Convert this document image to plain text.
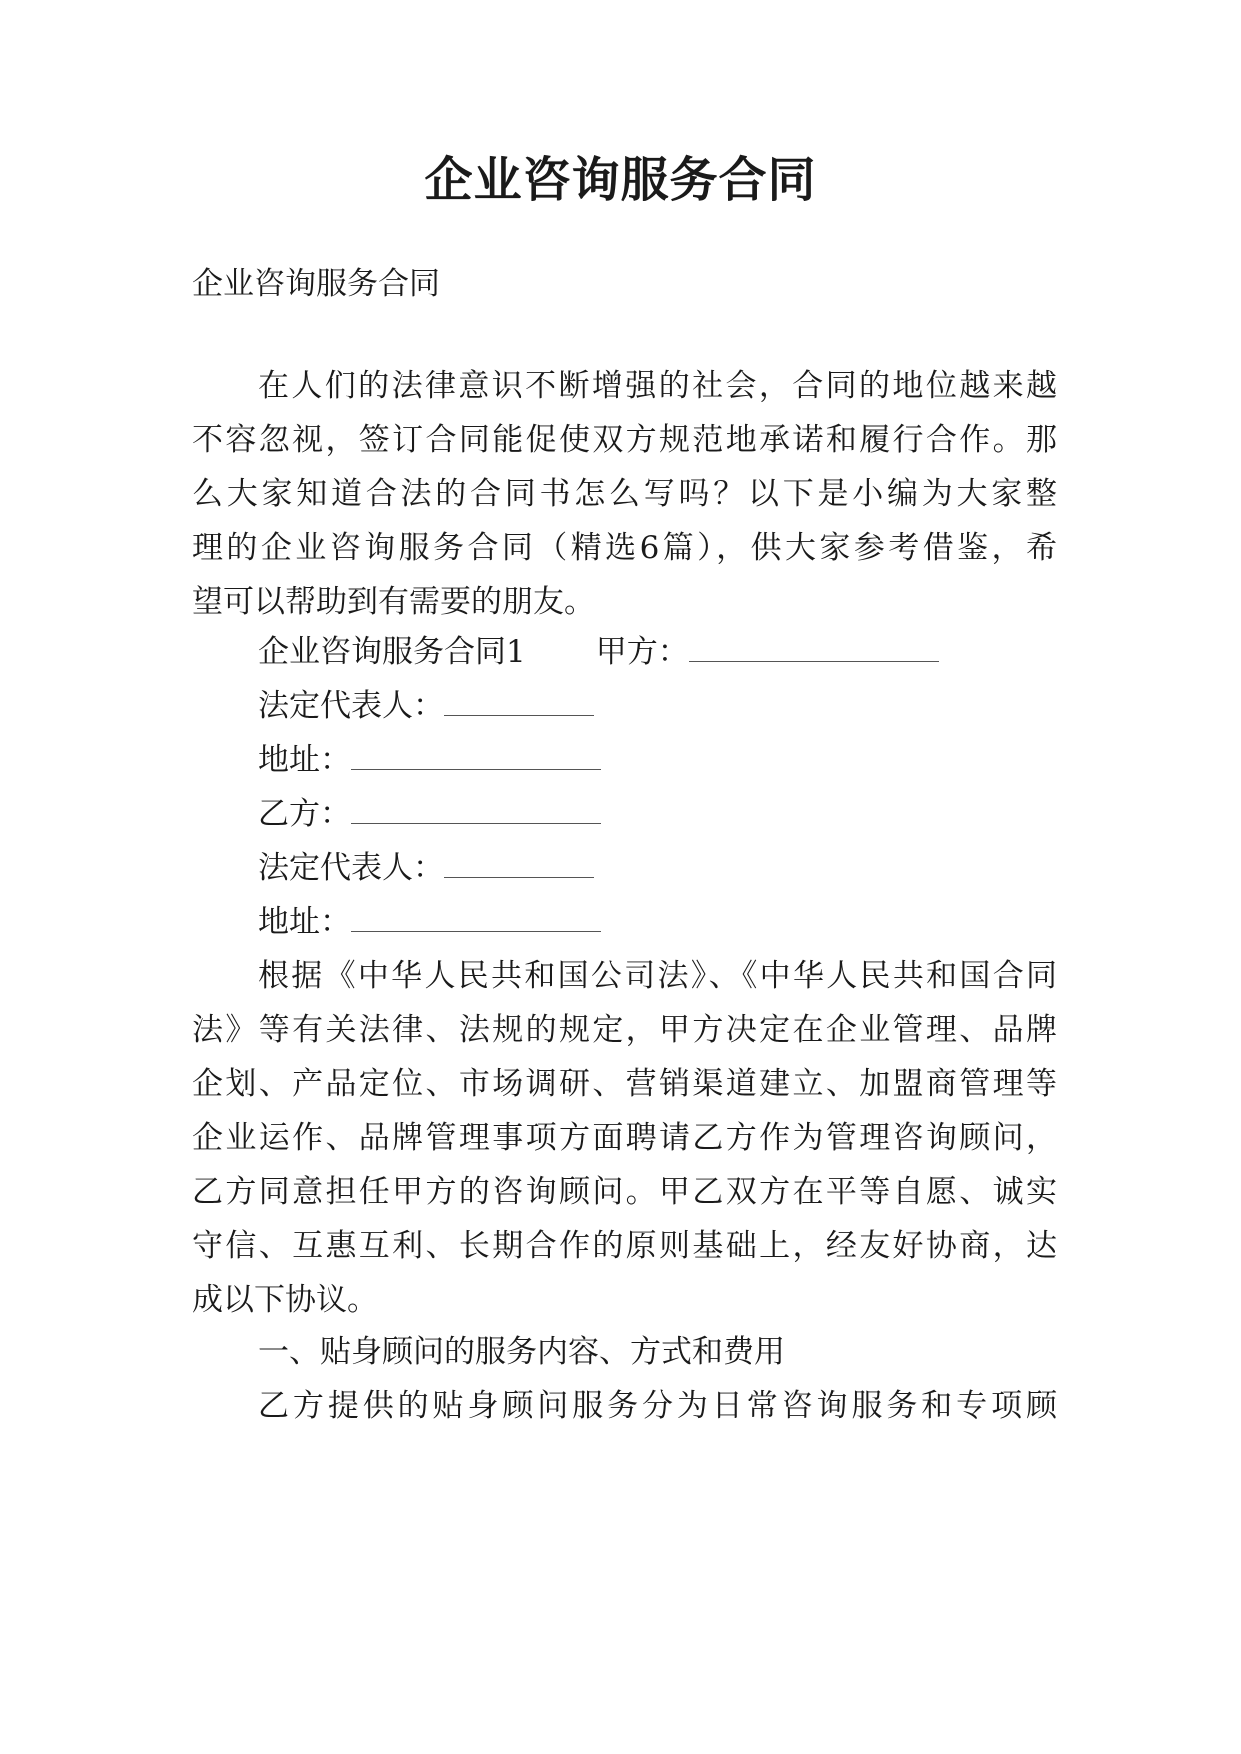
企业咨询服务合同
企业咨询服务合同
在人们的法律意识不断增强的社会，合同的地位越来越
不容忽视，签订合同能促使双方规范地承诺和履行合作。那
么大家知道合法的合同书怎么写吗？以下是小编为大家整
理的企业咨询服务合同（精选6篇），供大家参考借鉴，希
望可以帮助到有需要的朋友。
企业咨询服务合同1 甲方：
法定代表人：
地址：
乙方：
法定代表人：
地址：
根据《中华人民共和国公司法》、《中华人民共和国合同
法》等有关法律、法规的规定，甲方决定在企业管理、品牌
企划、产品定位、市场调研、营销渠道建立、加盟商管理等
企业运作、品牌管理事项方面聘请乙方作为管理咨询顾问，
乙方同意担任甲方的咨询顾问。甲乙双方在平等自愿、诚实
守信、互惠互利、长期合作的原则基础上，经友好协商，达
成以下协议。
一、贴身顾问的服务内容、方式和费用
乙方提供的贴身顾问服务分为日常咨询服务和专项顾
